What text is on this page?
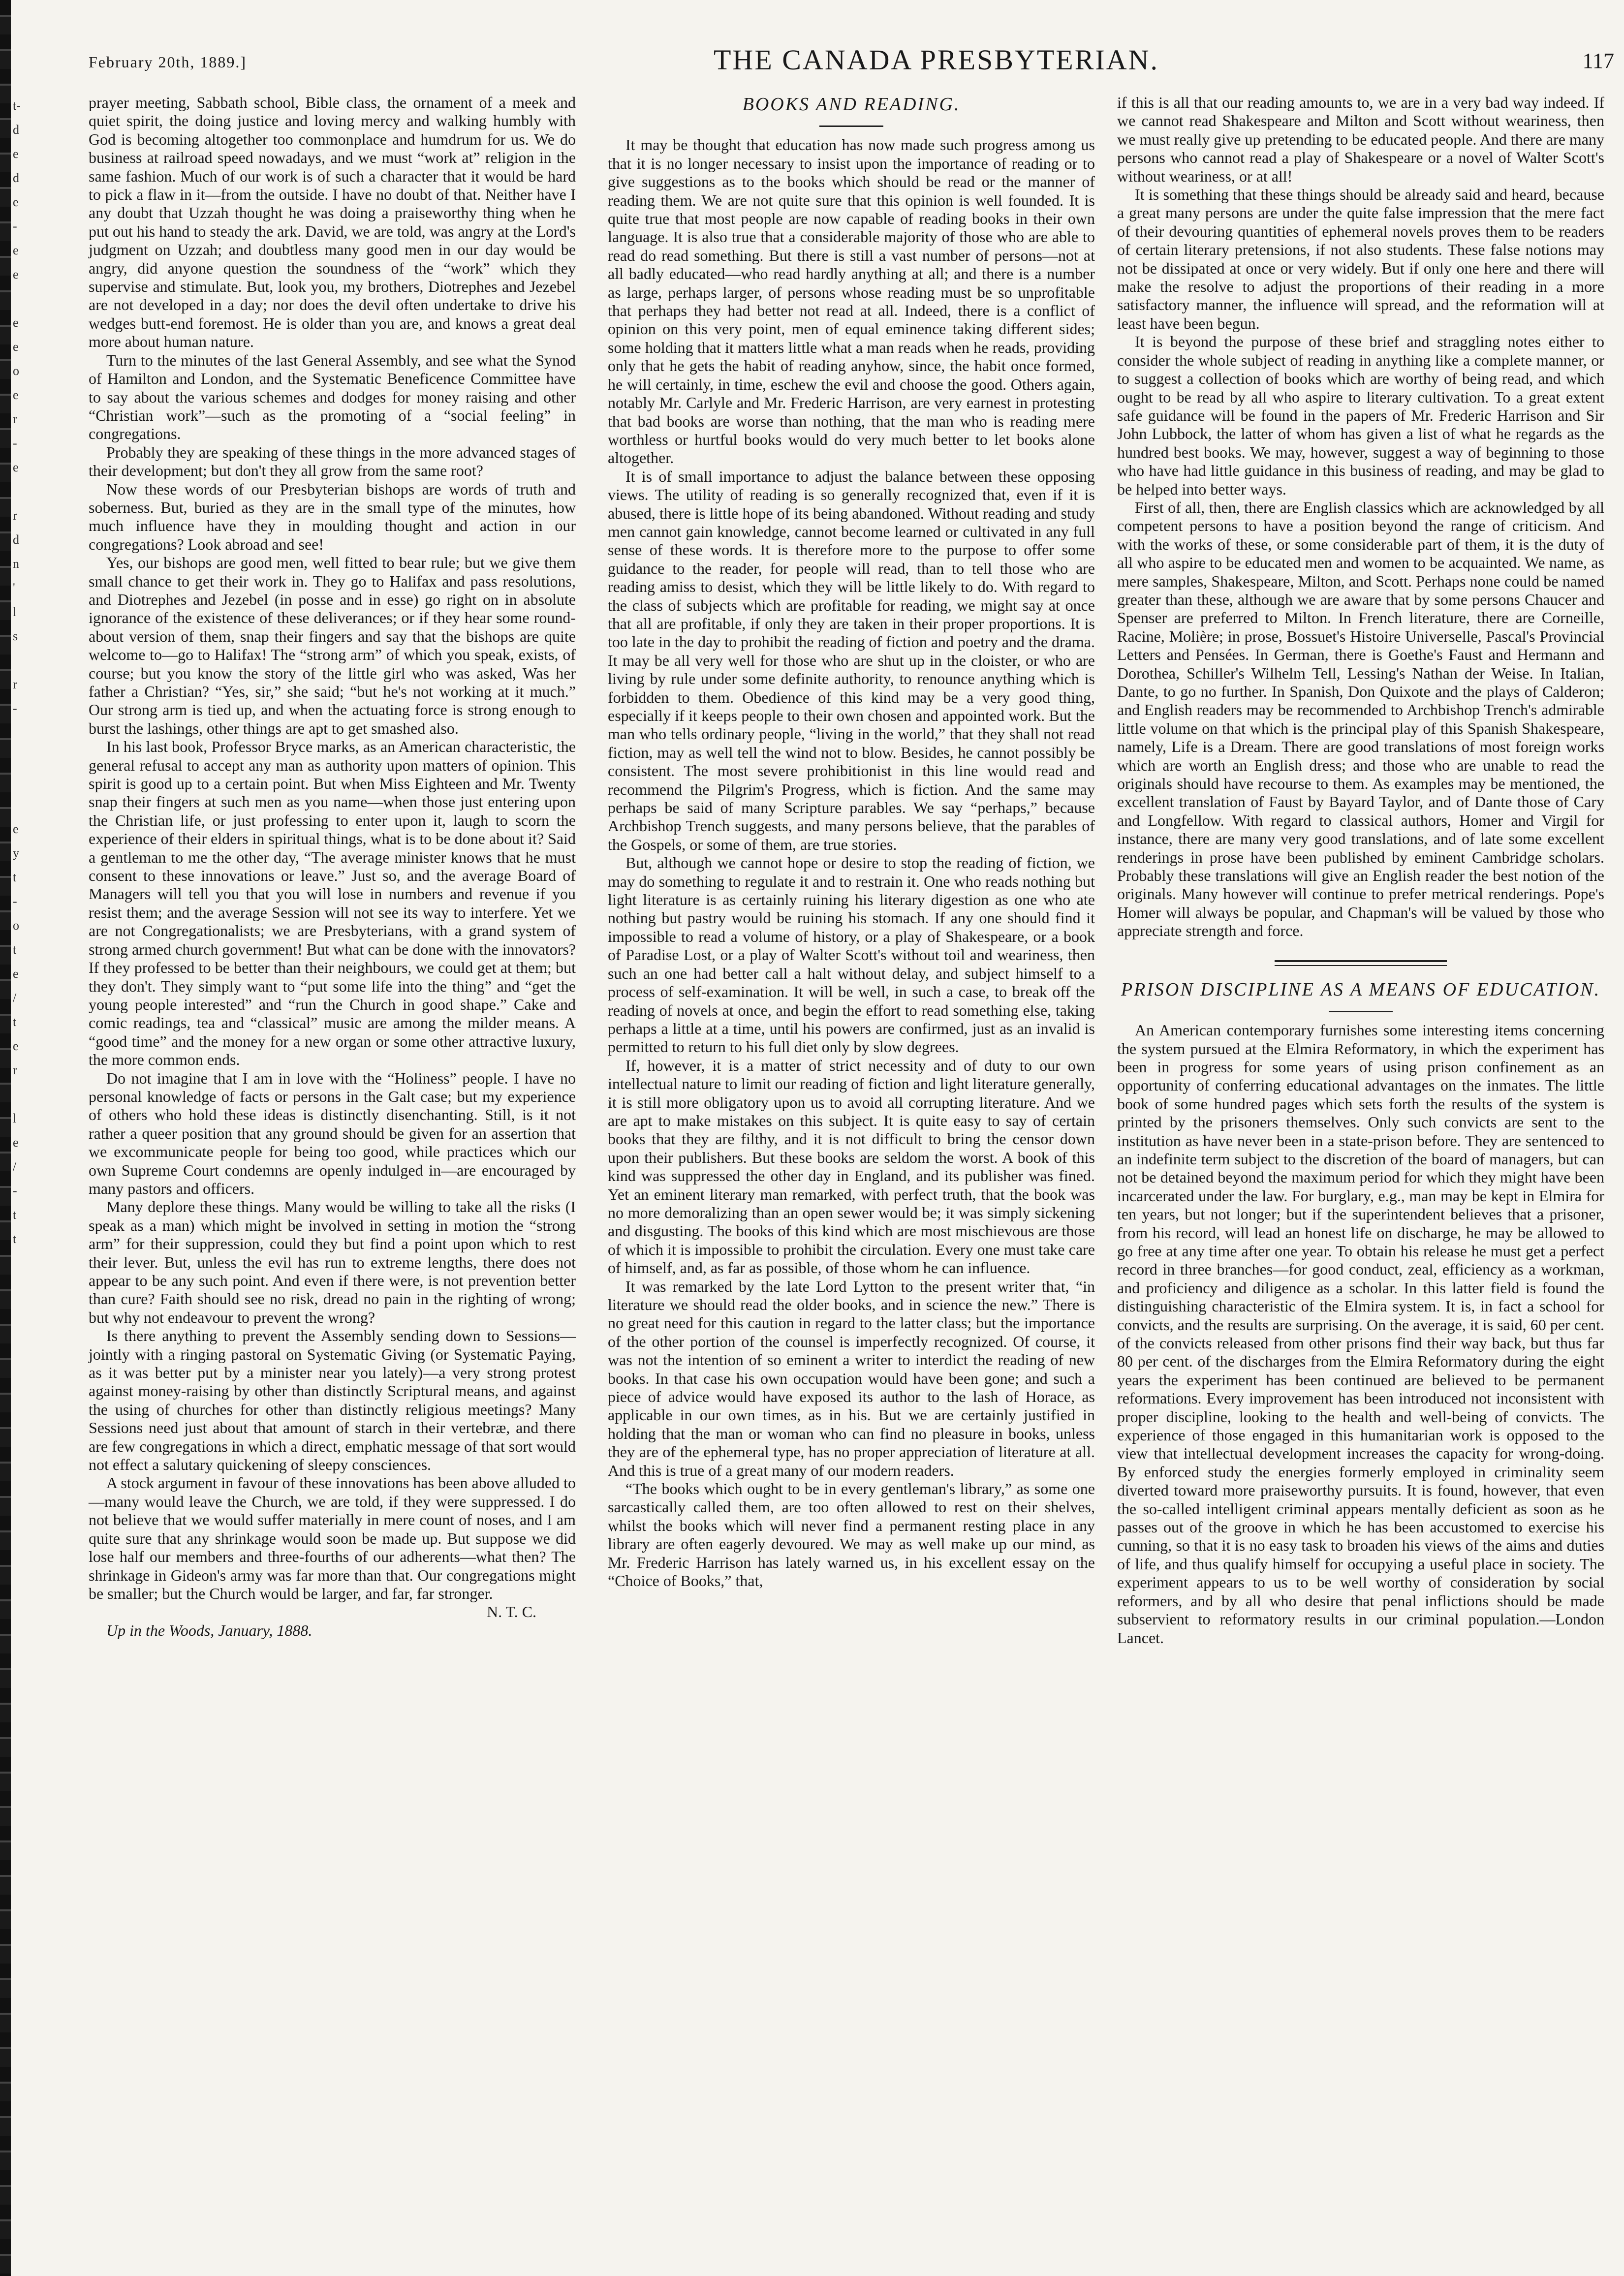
t-
d
e
d
e
-
e
e
e
e
o
e
r
-
e
r
d
n
'
l
s
r
-
e
y
t
-
o
t
e
/
t
e
r
l
e
/
-
t
t
February 20th, 1889.]	THE CANADA PRESBYTERIAN.	117

prayer meeting, Sabbath school, Bible class, the ornament of a meek and quiet spirit, the doing justice and loving mercy and walking humbly with God is becoming altogether too commonplace and humdrum for us. We do business at railroad speed nowadays, and we must “work at” religion in the same fashion. Much of our work is of such a character that it would be hard to pick a flaw in it—from the outside. I have no doubt of that. Neither have I any doubt that Uzzah thought he was doing a praiseworthy thing when he put out his hand to steady the ark. David, we are told, was angry at the Lord's judgment on Uzzah; and doubtless many good men in our day would be angry, did anyone question the soundness of the “work” which they supervise and stimulate. But, look you, my brothers, Diotrephes and Jezebel are not developed in a day; nor does the devil often undertake to drive his wedges butt-end foremost. He is older than you are, and knows a great deal more about human nature.

Turn to the minutes of the last General Assembly, and see what the Synod of Hamilton and London, and the Systematic Beneficence Committee have to say about the various schemes and dodges for money raising and other “Christian work”—such as the promoting of a “social feeling” in congregations.

Probably they are speaking of these things in the more advanced stages of their development; but don't they all grow from the same root?

Now these words of our Presbyterian bishops are words of truth and soberness. But, buried as they are in the small type of the minutes, how much influence have they in moulding thought and action in our congregations? Look abroad and see!

Yes, our bishops are good men, well fitted to bear rule; but we give them small chance to get their work in. They go to Halifax and pass resolutions, and Diotrephes and Jezebel (in posse and in esse) go right on in absolute ignorance of the existence of these deliverances; or if they hear some round-about version of them, snap their fingers and say that the bishops are quite welcome to—go to Halifax! The “strong arm” of which you speak, exists, of course; but you know the story of the little girl who was asked, Was her father a Christian? “Yes, sir,” she said; “but he's not working at it much.” Our strong arm is tied up, and when the actuating force is strong enough to burst the lashings, other things are apt to get smashed also.

In his last book, Professor Bryce marks, as an American characteristic, the general refusal to accept any man as authority upon matters of opinion. This spirit is good up to a certain point. But when Miss Eighteen and Mr. Twenty snap their fingers at such men as you name—when those just entering upon the Christian life, or just professing to enter upon it, laugh to scorn the experience of their elders in spiritual things, what is to be done about it? Said a gentleman to me the other day, “The average minister knows that he must consent to these innovations or leave.” Just so, and the average Board of Managers will tell you that you will lose in numbers and revenue if you resist them; and the average Session will not see its way to interfere. Yet we are not Congregationalists; we are Presbyterians, with a grand system of strong armed church government! But what can be done with the innovators? If they professed to be better than their neighbours, we could get at them; but they don't. They simply want to “put some life into the thing” and “get the young people interested” and “run the Church in good shape.” Cake and comic readings, tea and “classical” music are among the milder means. A “good time” and the money for a new organ or some other attractive luxury, the more common ends.

Do not imagine that I am in love with the “Holiness” people. I have no personal knowledge of facts or persons in the Galt case; but my experience of others who hold these ideas is distinctly disenchanting. Still, is it not rather a queer position that any ground should be given for an assertion that we excommunicate people for being too good, while practices which our own Supreme Court condemns are openly indulged in—are encouraged by many pastors and officers.

Many deplore these things. Many would be willing to take all the risks (I speak as a man) which might be involved in setting in motion the “strong arm” for their suppression, could they but find a point upon which to rest their lever. But, unless the evil has run to extreme lengths, there does not appear to be any such point. And even if there were, is not prevention better than cure? Faith should see no risk, dread no pain in the righting of wrong; but why not endeavour to prevent the wrong?

Is there anything to prevent the Assembly sending down to Sessions—jointly with a ringing pastoral on Systematic Giving (or Systematic Paying, as it was better put by a minister near you lately)—a very strong protest against money-raising by other than distinctly Scriptural means, and against the using of churches for other than distinctly religious meetings? Many Sessions need just about that amount of starch in their vertebræ, and there are few congregations in which a direct, emphatic message of that sort would not effect a salutary quickening of sleepy consciences.

A stock argument in favour of these innovations has been above alluded to—many would leave the Church, we are told, if they were suppressed. I do not believe that we would suffer materially in mere count of noses, and I am quite sure that any shrinkage would soon be made up. But suppose we did lose half our members and three-fourths of our adherents—what then? The shrinkage in Gideon's army was far more than that. Our congregations might be smaller; but the Church would be larger, and far, far stronger.

N. T. C.

Up in the Woods, January, 1888.

BOOKS AND READING.

It may be thought that education has now made such progress among us that it is no longer necessary to insist upon the importance of reading or to give suggestions as to the books which should be read or the manner of reading them. We are not quite sure that this opinion is well founded. It is quite true that most people are now capable of reading books in their own language. It is also true that a considerable majority of those who are able to read do read something. But there is still a vast number of persons—not at all badly educated—who read hardly anything at all; and there is a number as large, perhaps larger, of persons whose reading must be so unprofitable that perhaps they had better not read at all. Indeed, there is a conflict of opinion on this very point, men of equal eminence taking different sides; some holding that it matters little what a man reads when he reads, providing only that he gets the habit of reading anyhow, since, the habit once formed, he will certainly, in time, eschew the evil and choose the good. Others again, notably Mr. Carlyle and Mr. Frederic Harrison, are very earnest in protesting that bad books are worse than nothing, that the man who is reading mere worthless or hurtful books would do very much better to let books alone altogether.

It is of small importance to adjust the balance between these opposing views. The utility of reading is so generally recognized that, even if it is abused, there is little hope of its being abandoned. Without reading and study men cannot gain knowledge, cannot become learned or cultivated in any full sense of these words. It is therefore more to the purpose to offer some guidance to the reader, for people will read, than to tell those who are reading amiss to desist, which they will be little likely to do. With regard to the class of subjects which are profitable for reading, we might say at once that all are profitable, if only they are taken in their proper proportions. It is too late in the day to prohibit the reading of fiction and poetry and the drama. It may be all very well for those who are shut up in the cloister, or who are living by rule under some definite authority, to renounce anything which is forbidden to them. Obedience of this kind may be a very good thing, especially if it keeps people to their own chosen and appointed work. But the man who tells ordinary people, “living in the world,” that they shall not read fiction, may as well tell the wind not to blow. Besides, he cannot possibly be consistent. The most severe prohibitionist in this line would read and recommend the Pilgrim's Progress, which is fiction. And the same may perhaps be said of many Scripture parables. We say “perhaps,” because Archbishop Trench suggests, and many persons believe, that the parables of the Gospels, or some of them, are true stories.

But, although we cannot hope or desire to stop the reading of fiction, we may do something to regulate it and to restrain it. One who reads nothing but light literature is as certainly ruining his literary digestion as one who ate nothing but pastry would be ruining his stomach. If any one should find it impossible to read a volume of history, or a play of Shakespeare, or a book of Paradise Lost, or a play of Walter Scott's without toil and weariness, then such an one had better call a halt without delay, and subject himself to a process of self-examination. It will be well, in such a case, to break off the reading of novels at once, and begin the effort to read something else, taking perhaps a little at a time, until his powers are confirmed, just as an invalid is permitted to return to his full diet only by slow degrees.

If, however, it is a matter of strict necessity and of duty to our own intellectual nature to limit our reading of fiction and light literature generally, it is still more obligatory upon us to avoid all corrupting literature. And we are apt to make mistakes on this subject. It is quite easy to say of certain books that they are filthy, and it is not difficult to bring the censor down upon their publishers. But these books are seldom the worst. A book of this kind was suppressed the other day in England, and its publisher was fined. Yet an eminent literary man remarked, with perfect truth, that the book was no more demoralizing than an open sewer would be; it was simply sickening and disgusting. The books of this kind which are most mischievous are those of which it is impossible to prohibit the circulation. Every one must take care of himself, and, as far as possible, of those whom he can influence.

It was remarked by the late Lord Lytton to the present writer that, “in literature we should read the older books, and in science the new.” There is no great need for this caution in regard to the latter class; but the importance of the other portion of the counsel is imperfectly recognized. Of course, it was not the intention of so eminent a writer to interdict the reading of new books. In that case his own occupation would have been gone; and such a piece of advice would have exposed its author to the lash of Horace, as applicable in our own times, as in his. But we are certainly justified in holding that the man or woman who can find no pleasure in books, unless they are of the ephemeral type, has no proper appreciation of literature at all. And this is true of a great many of our modern readers.

“The books which ought to be in every gentleman's library,” as some one sarcastically called them, are too often allowed to rest on their shelves, whilst the books which will never find a permanent resting place in any library are often eagerly devoured. We may as well make up our mind, as Mr. Frederic Harrison has lately warned us, in his excellent essay on the “Choice of Books,” that,

if this is all that our reading amounts to, we are in a very bad way indeed. If we cannot read Shakespeare and Milton and Scott without weariness, then we must really give up pretending to be educated people. And there are many persons who cannot read a play of Shakespeare or a novel of Walter Scott's without weariness, or at all!

It is something that these things should be already said and heard, because a great many persons are under the quite false impression that the mere fact of their devouring quantities of ephemeral novels proves them to be readers of certain literary pretensions, if not also students. These false notions may not be dissipated at once or very widely. But if only one here and there will make the resolve to adjust the proportions of their reading in a more satisfactory manner, the influence will spread, and the reformation will at least have been begun.

It is beyond the purpose of these brief and straggling notes either to consider the whole subject of reading in anything like a complete manner, or to suggest a collection of books which are worthy of being read, and which ought to be read by all who aspire to literary cultivation. To a great extent safe guidance will be found in the papers of Mr. Frederic Harrison and Sir John Lubbock, the latter of whom has given a list of what he regards as the hundred best books. We may, however, suggest a way of beginning to those who have had little guidance in this business of reading, and may be glad to be helped into better ways.

First of all, then, there are English classics which are acknowledged by all competent persons to have a position beyond the range of criticism. And with the works of these, or some considerable part of them, it is the duty of all who aspire to be educated men and women to be acquainted. We name, as mere samples, Shakespeare, Milton, and Scott. Perhaps none could be named greater than these, although we are aware that by some persons Chaucer and Spenser are preferred to Milton. In French literature, there are Corneille, Racine, Molière; in prose, Bossuet's Histoire Universelle, Pascal's Provincial Letters and Pensées. In German, there is Goethe's Faust and Hermann and Dorothea, Schiller's Wilhelm Tell, Lessing's Nathan der Weise. In Italian, Dante, to go no further. In Spanish, Don Quixote and the plays of Calderon; and English readers may be recommended to Archbishop Trench's admirable little volume on that which is the principal play of this Spanish Shakespeare, namely, Life is a Dream. There are good translations of most foreign works which are worth an English dress; and those who are unable to read the originals should have recourse to them. As examples may be mentioned, the excellent translation of Faust by Bayard Taylor, and of Dante those of Cary and Longfellow. With regard to classical authors, Homer and Virgil for instance, there are many very good translations, and of late some excellent renderings in prose have been published by eminent Cambridge scholars. Probably these translations will give an English reader the best notion of the originals. Many however will continue to prefer metrical renderings. Pope's Homer will always be popular, and Chapman's will be valued by those who appreciate strength and force.

PRISON DISCIPLINE AS A MEANS OF EDUCATION.

An American contemporary furnishes some interesting items concerning the system pursued at the Elmira Reformatory, in which the experiment has been in progress for some years of using prison confinement as an opportunity of conferring educational advantages on the inmates. The little book of some hundred pages which sets forth the results of the system is printed by the prisoners themselves. Only such convicts are sent to the institution as have never been in a state-prison before. They are sentenced to an indefinite term subject to the discretion of the board of managers, but can not be detained beyond the maximum period for which they might have been incarcerated under the law. For burglary, e.g., man may be kept in Elmira for ten years, but not longer; but if the superintendent believes that a prisoner, from his record, will lead an honest life on discharge, he may be allowed to go free at any time after one year. To obtain his release he must get a perfect record in three branches—for good conduct, zeal, efficiency as a workman, and proficiency and diligence as a scholar. In this latter field is found the distinguishing characteristic of the Elmira system. It is, in fact a school for convicts, and the results are surprising. On the average, it is said, 60 per cent. of the convicts released from other prisons find their way back, but thus far 80 per cent. of the discharges from the Elmira Reformatory during the eight years the experiment has been continued are believed to be permanent reformations. Every improvement has been introduced not inconsistent with proper discipline, looking to the health and well-being of convicts. The experience of those engaged in this humanitarian work is opposed to the view that intellectual development increases the capacity for wrong-doing. By enforced study the energies formerly employed in criminality seem diverted toward more praiseworthy pursuits. It is found, however, that even the so-called intelligent criminal appears mentally deficient as soon as he passes out of the groove in which he has been accustomed to exercise his cunning, so that it is no easy task to broaden his views of the aims and duties of life, and thus qualify himself for occupying a useful place in society. The experiment appears to us to be well worthy of consideration by social reformers, and by all who desire that penal inflictions should be made subservient to reformatory results in our criminal population.—London Lancet.
